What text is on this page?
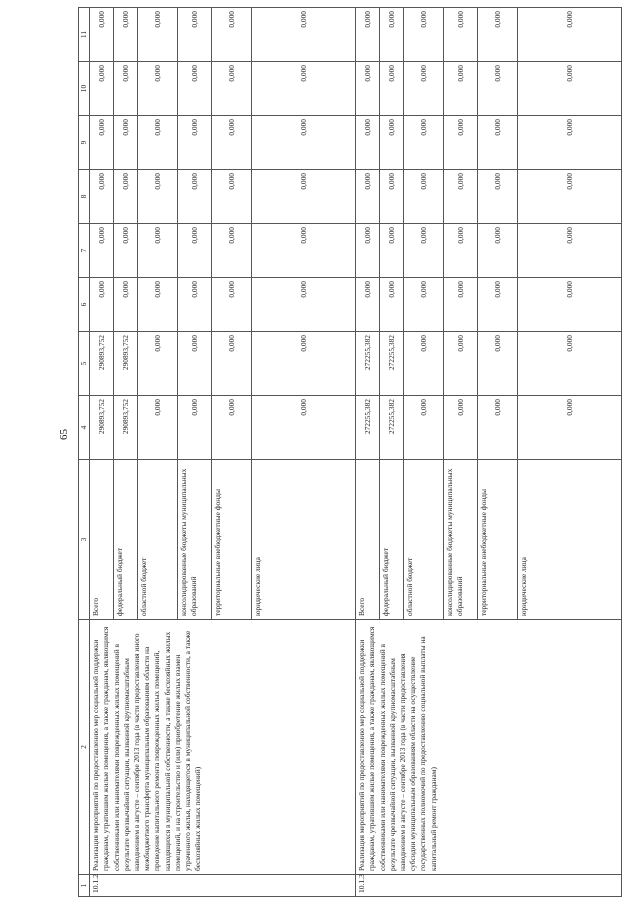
65
1	2	3	4	5	6	7	8	9	10	11
10.1.2	Реализация мероприятий по предоставлению мер социальной поддержки гражданам, утратившим жилые помещения, а также гражданам, являющимся собственниками или нанимателями поврежденных жилых помещений в результате чрезвычайной ситуации, вызванной крупномасштабным наводнением в августе – сентябре 2013 года (в части предоставления иного межбюджетного трансферта муниципальным образованиям области на проведение капитального ремонта поврежденных жилых помещений, находящихся в муниципальной собственности, а также бесхозяйных жилых помещений, и на строительство и (или) приобретение жилых взамен утраченного жилья, находящегося в муниципальной собственности, а также бесхозяйных жилых помещений)	Всего	290893,752	290893,752	0,000	0,000	0,000	0,000	0,000	0,000
		федеральный бюджет	290893,752	290893,752	0,000	0,000	0,000	0,000	0,000	0,000
		областной бюджет	0,000	0,000	0,000	0,000	0,000	0,000	0,000	0,000
		консолидированные бюджеты муниципальных образований	0,000	0,000	0,000	0,000	0,000	0,000	0,000	0,000
		территориальные внебюджетные фонды	0,000	0,000	0,000	0,000	0,000	0,000	0,000	0,000
		юридические лица	0,000	0,000	0,000	0,000	0,000	0,000	0,000	0,000
10.1.3	Реализация мероприятий по предоставлению мер социальной поддержки гражданам, утратившим жилые помещения, а также гражданам, являющимся собственниками или нанимателями поврежденных жилых помещений в результате чрезвычайной ситуации, вызванной крупномасштабным наводнением в августе – сентябре 2013 года (в части предоставления субсидии муниципальным образованиям области на осуществление государственных полномочий по предоставлению социальной выплаты на капитальный ремонт гражданам)	Всего	272255,382	272255,382	0,000	0,000	0,000	0,000	0,000	0,000
		федеральный бюджет	272255,382	272255,382	0,000	0,000	0,000	0,000	0,000	0,000
		областной бюджет	0,000	0,000	0,000	0,000	0,000	0,000	0,000	0,000
		консолидированные бюджеты муниципальных образований	0,000	0,000	0,000	0,000	0,000	0,000	0,000	0,000
		территориальные внебюджетные фонды	0,000	0,000	0,000	0,000	0,000	0,000	0,000	0,000
		юридические лица	0,000	0,000	0,000	0,000	0,000	0,000	0,000	0,000
